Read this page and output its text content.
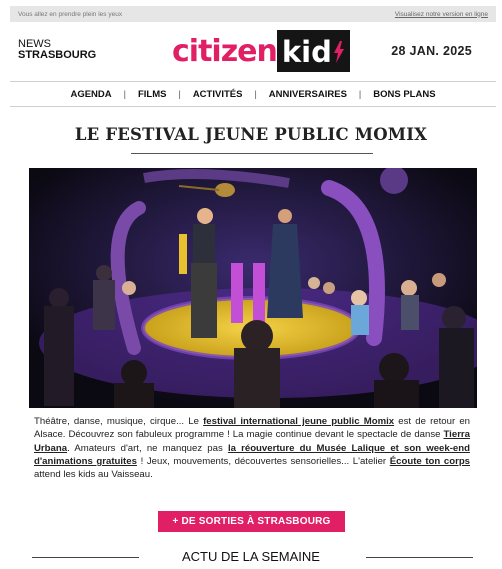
Vous allez en prendre plein les yeux	Visualisez notre version en ligne
NEWS
STRASBOURG	citizen kid	28 JAN. 2025
AGENDA	|	FILMS	|	ACTIVITÉS	|	ANNIVERSAIRES	|	BONS PLANS
LE FESTIVAL JEUNE PUBLIC MOMIX

Théâtre, danse, musique, cirque... Le festival international jeune public Momix est de retour en Alsace. Découvrez son fabuleux programme ! La magie continue devant le spectacle de danse Tierra Urbana. Amateurs d'art, ne manquez pas la réouverture du Musée Lalique et son week-end d'animations gratuites ! Jeux, mouvements, découvertes sensorielles... L'atelier Écoute ton corps attend les kids au Vaisseau.

+ DE SORTIES À STRASBOURG
ACTU DE LA SEMAINE
